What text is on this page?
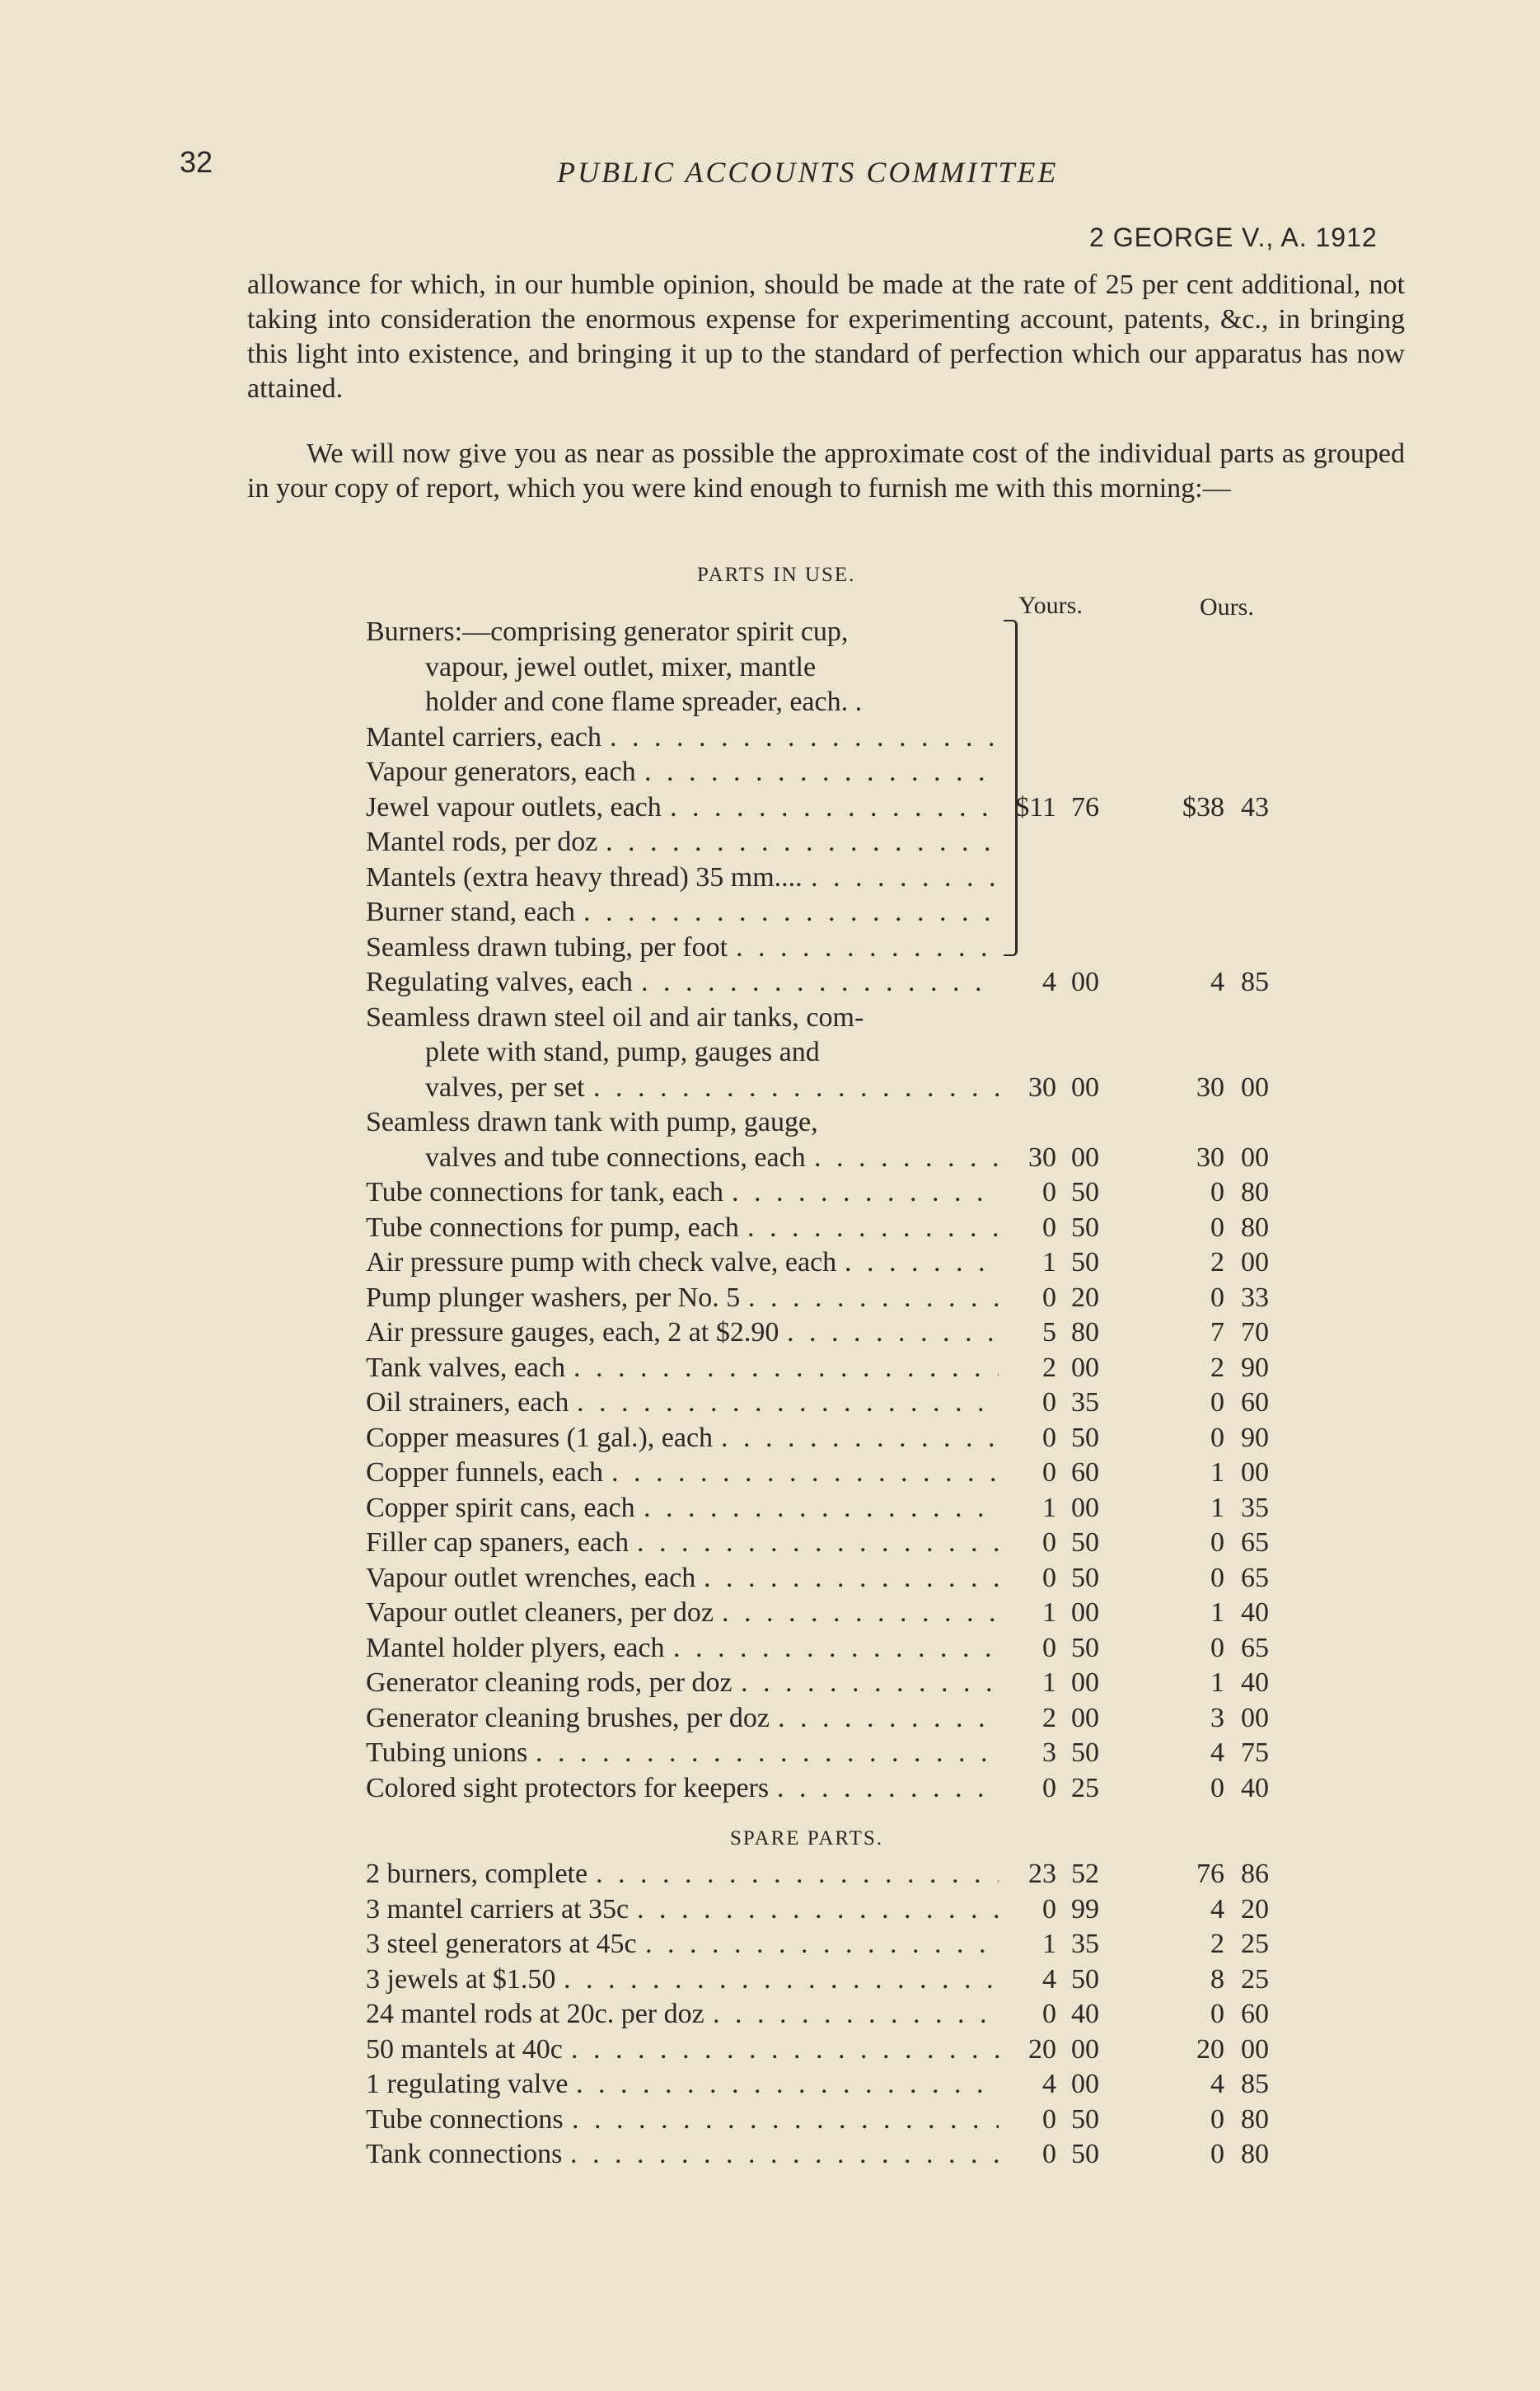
32	PUBLIC ACCOUNTS COMMITTEE
2 GEORGE V., A. 1912

allowance for which, in our humble opinion, should be made at the rate of 25 per cent additional, not taking into consideration the enormous expense for experimenting account, patents, &c., in bringing this light into existence, and bringing it up to the standard of perfection which our apparatus has now attained.

We will now give you as near as possible the approximate cost of the individual parts as grouped in your copy of report, which you were kind enough to furnish me with this morning:—

PARTS IN USE.
Yours.	Ours.
Burners:—comprising generator spirit cup,
vapour, jewel outlet, mixer, mantle
holder and cone flame spreader, each. .
Mantel carriers, each
. . .
Vapour generators, each
. . .
Jewel vapour outlets, each . . .	$11 76	$38 43
Mantel rods, per doz
. . .
Mantels (extra heavy thread) 35 mm....
. . .
Burner stand, each
. . .
Seamless drawn tubing, per foot
. . .
Regulating valves, each . . .	4 00	4 85
Seamless drawn steel oil and air tanks, com-
plete with stand, pump, gauges and
valves, per set . . .	30 00	30 00
Seamless drawn tank with pump, gauge,
valves and tube connections, each . . .	30 00	30 00
Tube connections for tank, each . . .	0 50	0 80
Tube connections for pump, each . . .	0 50	0 80
Air pressure pump with check valve, each . . .	1 50	2 00
Pump plunger washers, per No. 5 . . .	0 20	0 33
Air pressure gauges, each, 2 at $2.90 . . .	5 80	7 70
Tank valves, each . . .	2 00	2 90
Oil strainers, each . . .	0 35	0 60
Copper measures (1 gal.), each . . .	0 50	0 90
Copper funnels, each . . .	0 60	1 00
Copper spirit cans, each . . .	1 00	1 35
Filler cap spaners, each . . .	0 50	0 65
Vapour outlet wrenches, each . . .	0 50	0 65
Vapour outlet cleaners, per doz . . .	1 00	1 40
Mantel holder plyers, each . . .	0 50	0 65
Generator cleaning rods, per doz . . .	1 00	1 40
Generator cleaning brushes, per doz . . .	2 00	3 00
Tubing unions . . .	3 50	4 75
Colored sight protectors for keepers . . .	0 25	0 40
SPARE PARTS.
2 burners, complete . . .	23 52	76 86
3 mantel carriers at 35c . . .	0 99	4 20
3 steel generators at 45c . . .	1 35	2 25
3 jewels at $1.50 . . .	4 50	8 25
24 mantel rods at 20c. per doz . . .	0 40	0 60
50 mantels at 40c . . .	20 00	20 00
1 regulating valve . . .	4 00	4 85
Tube connections . . .	0 50	0 80
Tank connections . . .	0 50	0 80
